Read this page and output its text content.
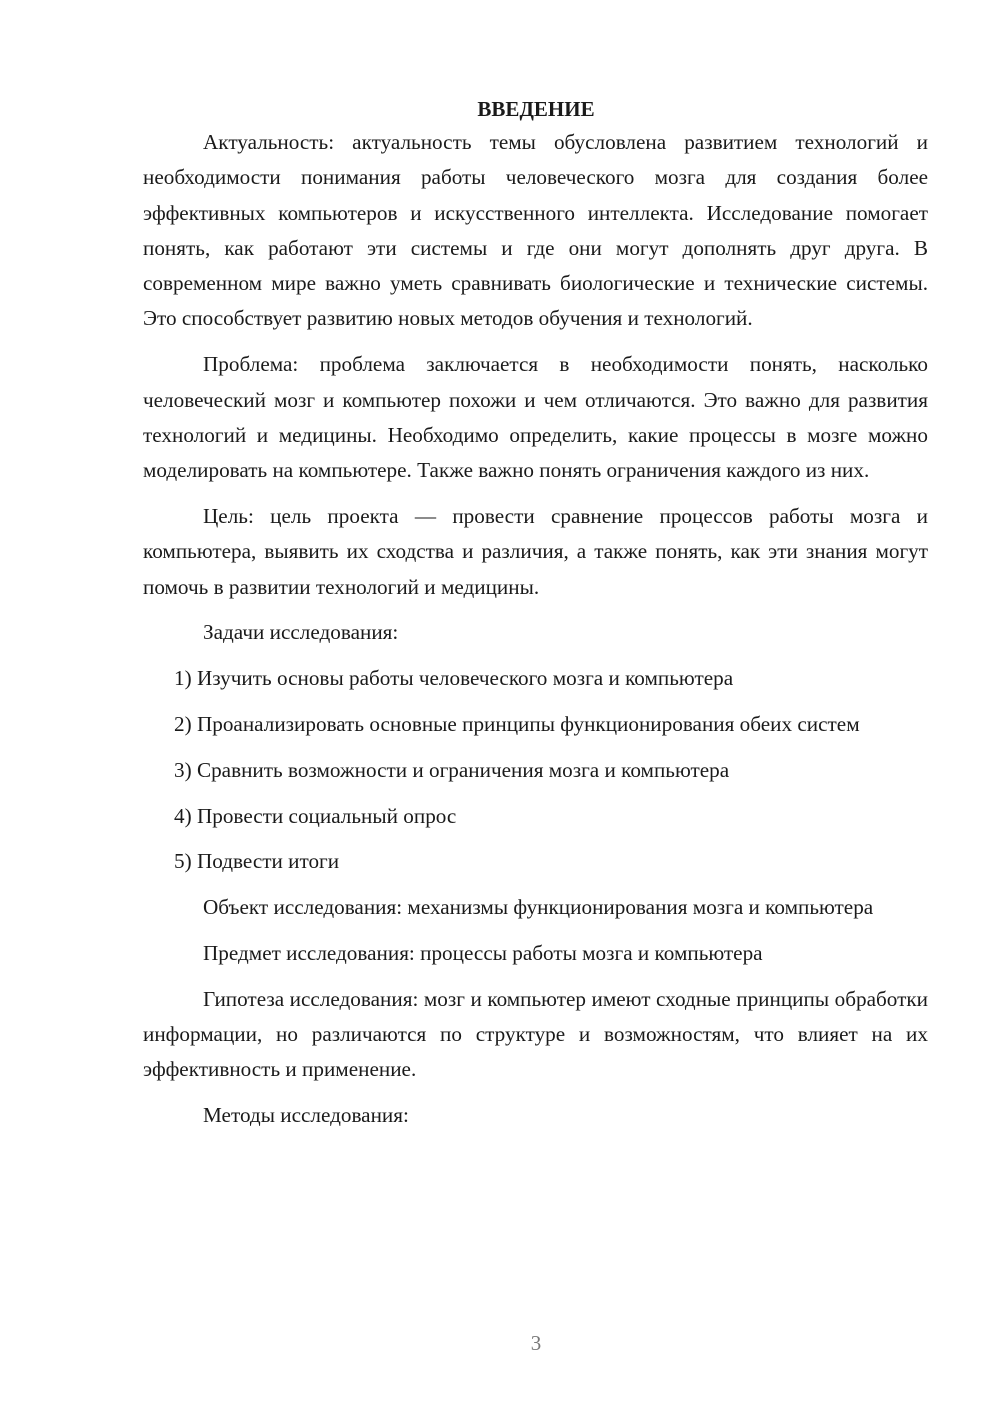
ВВЕДЕНИЕ

Актуальность: актуальность темы обусловлена развитием технологий и необходимости понимания работы человеческого мозга для создания более эффективных компьютеров и искусственного интеллекта. Исследование помогает понять, как работают эти системы и где они могут дополнять друг друга. В современном мире важно уметь сравнивать биологические и технические системы. Это способствует развитию новых методов обучения и технологий.

Проблема: проблема заключается в необходимости понять, насколько человеческий мозг и компьютер похожи и чем отличаются. Это важно для развития технологий и медицины. Необходимо определить, какие процессы в мозге можно моделировать на компьютере. Также важно понять ограничения каждого из них.

Цель: цель проекта — провести сравнение процессов работы мозга и компьютера, выявить их сходства и различия, а также понять, как эти знания могут помочь в развитии технологий и медицины.

Задачи исследования:

1) Изучить основы работы человеческого мозга и компьютера

2) Проанализировать основные принципы функционирования обеих систем

3) Сравнить возможности и ограничения мозга и компьютера

4) Провести социальный опрос

5) Подвести итоги

Объект исследования: механизмы функционирования мозга и компьютера

Предмет исследования: процессы работы мозга и компьютера

Гипотеза исследования: мозг и компьютер имеют сходные принципы обработки информации, но различаются по структуре и возможностям, что влияет на их эффективность и применение.

Методы исследования:

3
